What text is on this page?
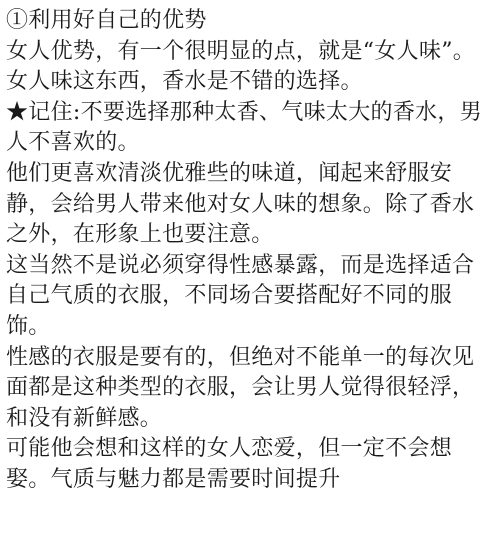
①利用好自己的优势

女人优势，有一个很明显的点，就是“女人味”。女人味这东西，香水是不错的选择。

★记住:不要选择那种太香、气味太大的香水，男人不喜欢的。

他们更喜欢清淡优雅些的味道，闻起来舒服安静，会给男人带来他对女人味的想象。除了香水之外，在形象上也要注意。

这当然不是说必须穿得性感暴露，而是选择适合自己气质的衣服，不同场合要搭配好不同的服饰。

性感的衣服是要有的，但绝对不能单一的每次见面都是这种类型的衣服，会让男人觉得很轻浮，和没有新鲜感。

可能他会想和这样的女人恋爱，但一定不会想娶。气质与魅力都是需要时间提升
